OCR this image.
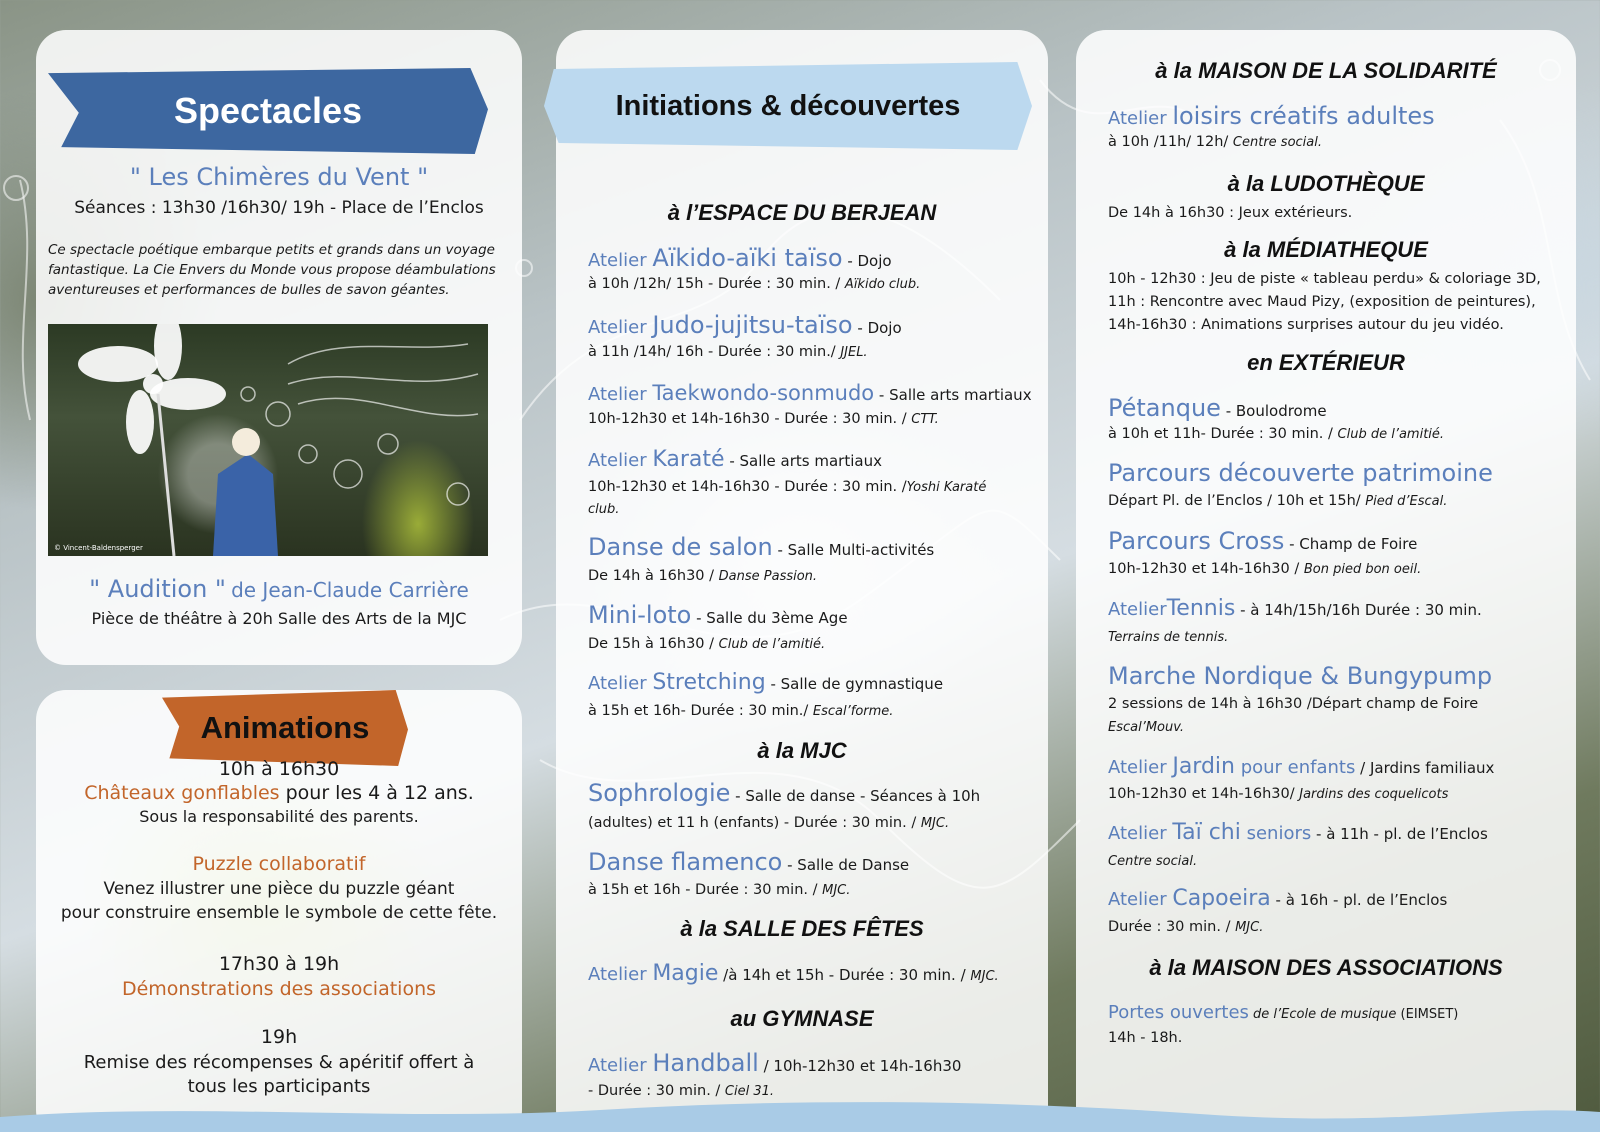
Spectacles
" Les Chimères du Vent "
Séances : 13h30 /16h30/ 19h - Place de l’Enclos
Ce spectacle poétique embarque petits et grands dans un voyage
fantastique. La Cie Envers du Monde vous propose déambulations
aventureuses et performances de bulles de savon géantes.
© Vincent-Baldensperger
" Audition " de Jean-Claude Carrière
Pièce de théâtre à 20h Salle des Arts de la MJC
Animations
10h à 16h30
Châteaux gonflables pour les 4 à 12 ans.
Sous la responsabilité des parents.
Puzzle collaboratif
Venez illustrer une pièce du puzzle géant
pour construire ensemble le symbole de cette fête.
17h30 à 19h
Démonstrations des associations
19h
Remise des récompenses & apéritif offert à
tous les participants
Initiations & découvertes
à l’ESPACE DU BERJEAN
Atelier Aïkido-aïki taïso - Dojo
à 10h /12h/ 15h - Durée : 30 min. / Aïkido club.
Atelier Judo-jujitsu-taïso - Dojo
à 11h /14h/ 16h - Durée : 30 min./ JJEL.
Atelier Taekwondo-sonmudo - Salle arts martiaux
10h-12h30 et 14h-16h30 - Durée : 30 min. / CTT.
Atelier Karaté - Salle arts martiaux
10h-12h30 et 14h-16h30 - Durée : 30 min. /Yoshi Karaté
club.
Danse de salon - Salle Multi-activités
De 14h à 16h30 / Danse Passion.
Mini-loto - Salle du 3ème Age
De 15h à 16h30 / Club de l’amitié.
Atelier Stretching - Salle de gymnastique
à 15h et 16h- Durée : 30 min./ Escal’forme.
à la MJC
Sophrologie - Salle de danse - Séances à 10h
(adultes) et 11 h (enfants) - Durée : 30 min. / MJC.
Danse flamenco - Salle de Danse
à 15h et 16h - Durée : 30 min. / MJC.
à la SALLE DES FÊTES
Atelier Magie /à 14h et 15h - Durée : 30 min. / MJC.
au GYMNASE
Atelier Handball / 10h-12h30 et 14h-16h30
- Durée : 30 min. / Ciel 31.
à la MAISON DE LA SOLIDARITÉ
Atelier loisirs créatifs adultes
à 10h /11h/ 12h/ Centre social.
à la LUDOTHÈQUE
De 14h à 16h30 : Jeux extérieurs.
à la MÉDIATHEQUE
10h - 12h30 : Jeu de piste « tableau perdu» & coloriage 3D,
11h : Rencontre avec Maud Pizy, (exposition de peintures),
14h-16h30 : Animations surprises autour du jeu vidéo.
en EXTÉRIEUR
Pétanque - Boulodrome
à 10h et 11h- Durée : 30 min. / Club de l’amitié.
Parcours découverte patrimoine
Départ Pl. de l’Enclos / 10h et 15h/ Pied d’Escal.
Parcours Cross - Champ de Foire
10h-12h30 et 14h-16h30 / Bon pied bon oeil.
AtelierTennis - à 14h/15h/16h Durée : 30 min.
Terrains de tennis.
Marche Nordique & Bungypump
2 sessions de 14h à 16h30 /Départ champ de Foire
Escal’Mouv.
Atelier Jardin pour enfants / Jardins familiaux
10h-12h30 et 14h-16h30/ Jardins des coquelicots
Atelier Taï chi seniors - à 11h - pl. de l’Enclos
Centre social.
Atelier Capoeira - à 16h - pl. de l’Enclos
Durée : 30 min. / MJC.
à la MAISON DES ASSOCIATIONS
Portes ouvertes de l’Ecole de musique (EIMSET)
14h - 18h.
